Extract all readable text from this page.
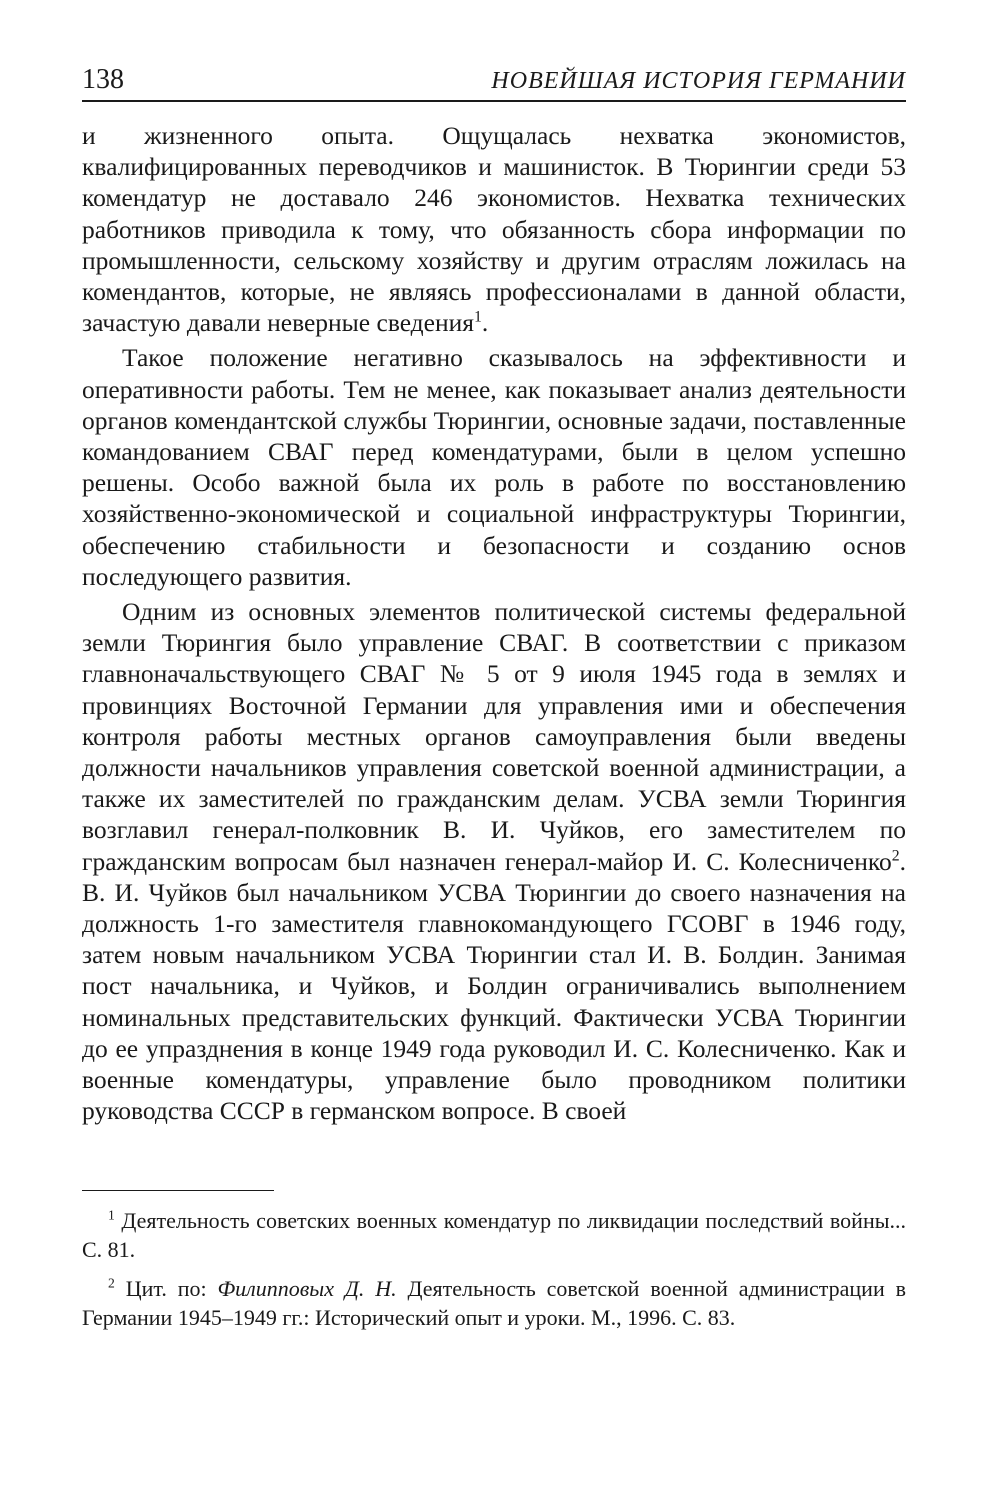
138	НОВЕЙШАЯ ИСТОРИЯ ГЕРМАНИИ

и жизненного опыта. Ощущалась нехватка экономистов, квалифицированных переводчиков и машинисток. В Тюрингии среди 53 комендатур не доставало 246 экономистов. Нехватка технических работников приводила к тому, что обязанность сбора информации по промышленности, сельскому хозяйству и другим отраслям ложилась на комендантов, которые, не являясь профессионалами в данной области, зачастую давали неверные сведения$^1$.

Такое положение негативно сказывалось на эффективности и оперативности работы. Тем не менее, как показывает анализ деятельности органов комендантской службы Тюрингии, основные задачи, поставленные командованием СВАГ перед комендатурами, были в целом успешно решены. Особо важной была их роль в работе по восстановлению хозяйственно-экономической и социальной инфраструктуры Тюрингии, обеспечению стабильности и безопасности и созданию основ последующего развития.

Одним из основных элементов политической системы федеральной земли Тюрингия было управление СВАГ. В соответствии с приказом главноначальствующего СВАГ № 5 от 9 июля 1945 года в землях и провинциях Восточной Германии для управления ими и обеспечения контроля работы местных органов самоуправления были введены должности начальников управления советской военной администрации, а также их заместителей по гражданским делам. УСВА земли Тюрингия возглавил генерал-полковник В. И. Чуйков, его заместителем по гражданским вопросам был назначен генерал-майор И. С. Колесниченко$^2$. В. И. Чуйков был начальником УСВА Тюрингии до своего назначения на должность 1-го заместителя главнокомандующего ГСОВГ в 1946 году, затем новым начальником УСВА Тюрингии стал И. В. Болдин. Занимая пост начальника, и Чуйков, и Болдин ограничивались выполнением номинальных представительских функций. Фактически УСВА Тюрингии до ее упразднения в конце 1949 года руководил И. С. Колесниченко. Как и военные комендатуры, управление было проводником политики руководства СССР в германском вопросе. В своей

$^1$ Деятельность советских военных комендатур по ликвидации последствий войны... С. 81.

$^2$ Цит. по: Филипповых Д. Н. Деятельность советской военной администрации в Германии 1945–1949 гг.: Исторический опыт и уроки. М., 1996. С. 83.
